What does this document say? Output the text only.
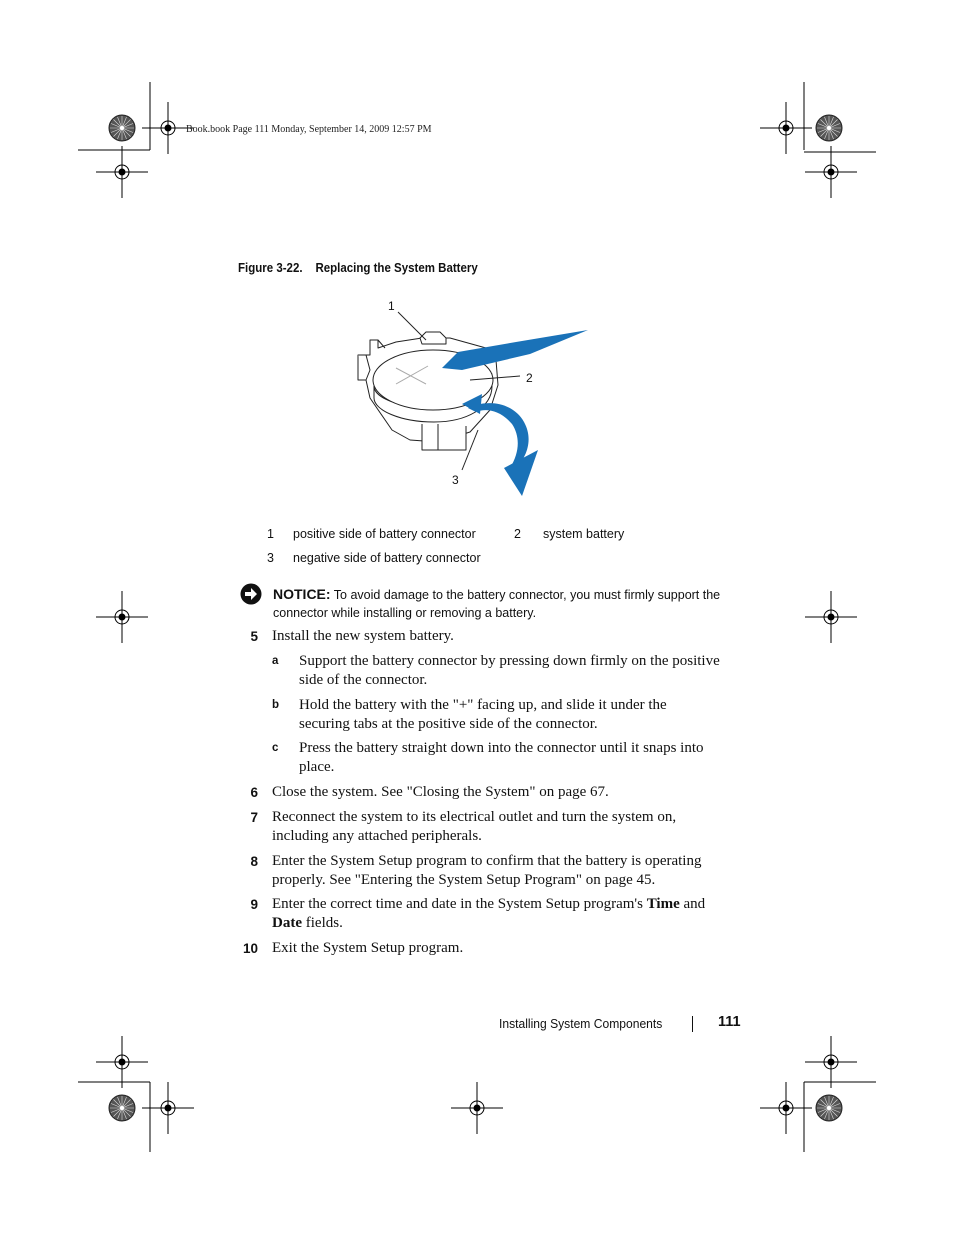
Book.book Page 111 Monday, September 14, 2009 12:57 PM
Figure 3-22. Replacing the System Battery
1
2
3
1 positive side of battery connector	2 system battery
3 negative side of battery connector
NOTICE: To avoid damage to the battery connector, you must firmly support the
connector while installing or removing a battery.
5 Install the new system battery.
a Support the battery connector by pressing down firmly on the positive
side of the connector.
b Hold the battery with the "+" facing up, and slide it under the
securing tabs at the positive side of the connector.
c Press the battery straight down into the connector until it snaps into
place.
6 Close the system. See "Closing the System" on page 67.
7 Reconnect the system to its electrical outlet and turn the system on,
including any attached peripherals.
8 Enter the System Setup program to confirm that the battery is operating
properly. See "Entering the System Setup Program" on page 45.
9 Enter the correct time and date in the System Setup program's Time and
Date fields.
10 Exit the System Setup program.
Installing System Components	111
